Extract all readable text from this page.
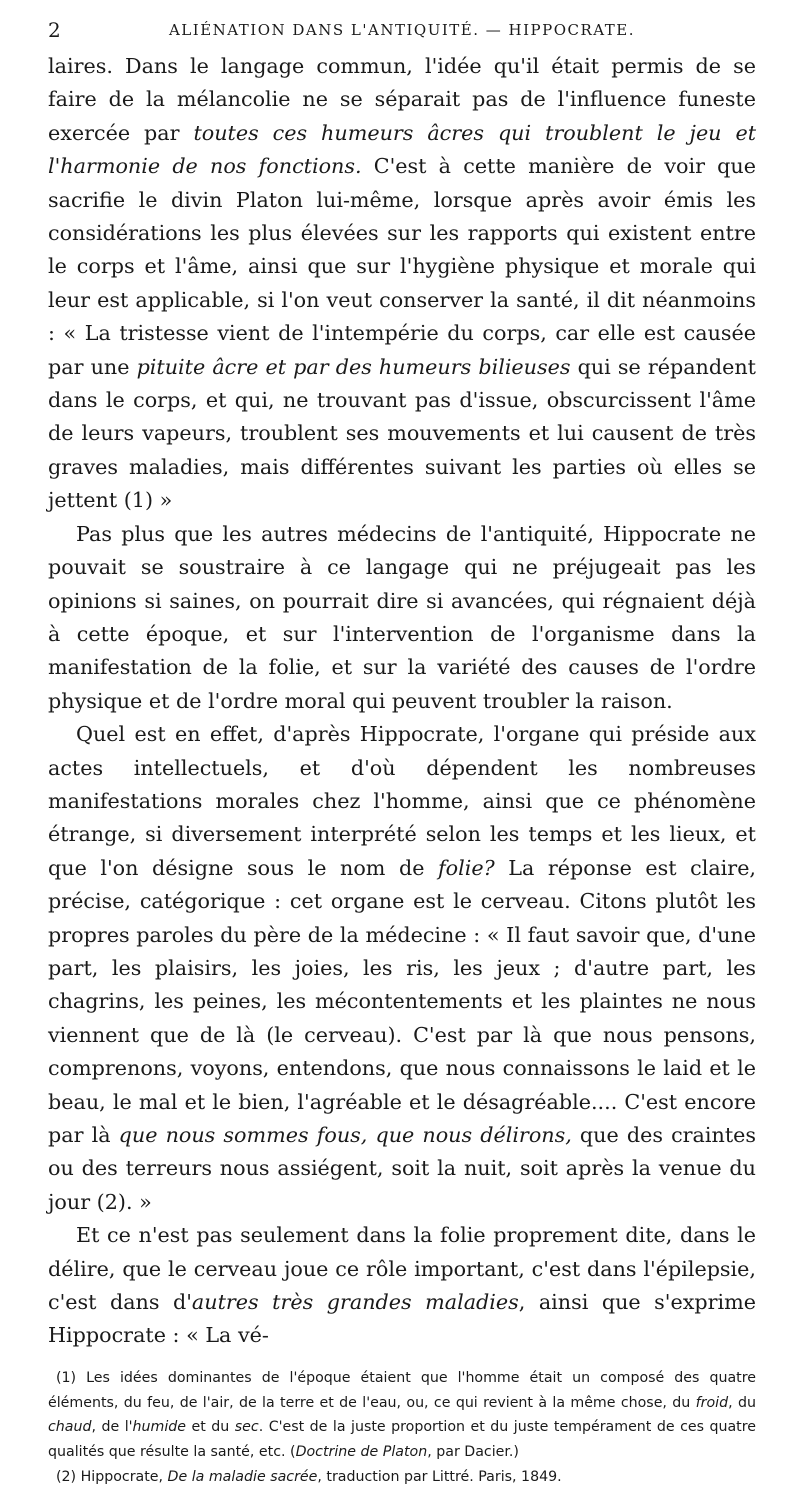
2	ALIÉNATION DANS L'ANTIQUITÉ. — HIPPOCRATE.

laires. Dans le langage commun, l'idée qu'il était permis de se faire de la mélancolie ne se séparait pas de l'influence funeste exercée par toutes ces humeurs âcres qui troublent le jeu et l'harmonie de nos fonctions. C'est à cette manière de voir que sacrifie le divin Platon lui-même, lorsque après avoir émis les considérations les plus élevées sur les rapports qui existent entre le corps et l'âme, ainsi que sur l'hygiène physique et morale qui leur est applicable, si l'on veut conserver la santé, il dit néanmoins : « La tristesse vient de l'intempérie du corps, car elle est causée par une pituite âcre et par des humeurs bilieuses qui se répandent dans le corps, et qui, ne trouvant pas d'issue, obscurcissent l'âme de leurs vapeurs, troublent ses mouvements et lui causent de très graves maladies, mais différentes suivant les parties où elles se jettent (1) »

Pas plus que les autres médecins de l'antiquité, Hippocrate ne pouvait se soustraire à ce langage qui ne préjugeait pas les opinions si saines, on pourrait dire si avancées, qui régnaient déjà à cette époque, et sur l'intervention de l'organisme dans la manifestation de la folie, et sur la variété des causes de l'ordre physique et de l'ordre moral qui peuvent troubler la raison.

Quel est en effet, d'après Hippocrate, l'organe qui préside aux actes intellectuels, et d'où dépendent les nombreuses manifestations morales chez l'homme, ainsi que ce phénomène étrange, si diversement interprété selon les temps et les lieux, et que l'on désigne sous le nom de folie? La réponse est claire, précise, catégorique : cet organe est le cerveau. Citons plutôt les propres paroles du père de la médecine : « Il faut savoir que, d'une part, les plaisirs, les joies, les ris, les jeux ; d'autre part, les chagrins, les peines, les mécontentements et les plaintes ne nous viennent que de là (le cerveau). C'est par là que nous pensons, comprenons, voyons, entendons, que nous connaissons le laid et le beau, le mal et le bien, l'agréable et le désagréable.... C'est encore par là que nous sommes fous, que nous délirons, que des craintes ou des terreurs nous assiégent, soit la nuit, soit après la venue du jour (2). »

Et ce n'est pas seulement dans la folie proprement dite, dans le délire, que le cerveau joue ce rôle important, c'est dans l'épilepsie, c'est dans d'autres très grandes maladies, ainsi que s'exprime Hippocrate : « La vé-

(1) Les idées dominantes de l'époque étaient que l'homme était un composé des quatre éléments, du feu, de l'air, de la terre et de l'eau, ou, ce qui revient à la même chose, du froid, du chaud, de l'humide et du sec. C'est de la juste proportion et du juste tempérament de ces quatre qualités que résulte la santé, etc. (Doctrine de Platon, par Dacier.)

(2) Hippocrate, De la maladie sacrée, traduction par Littré. Paris, 1849.
